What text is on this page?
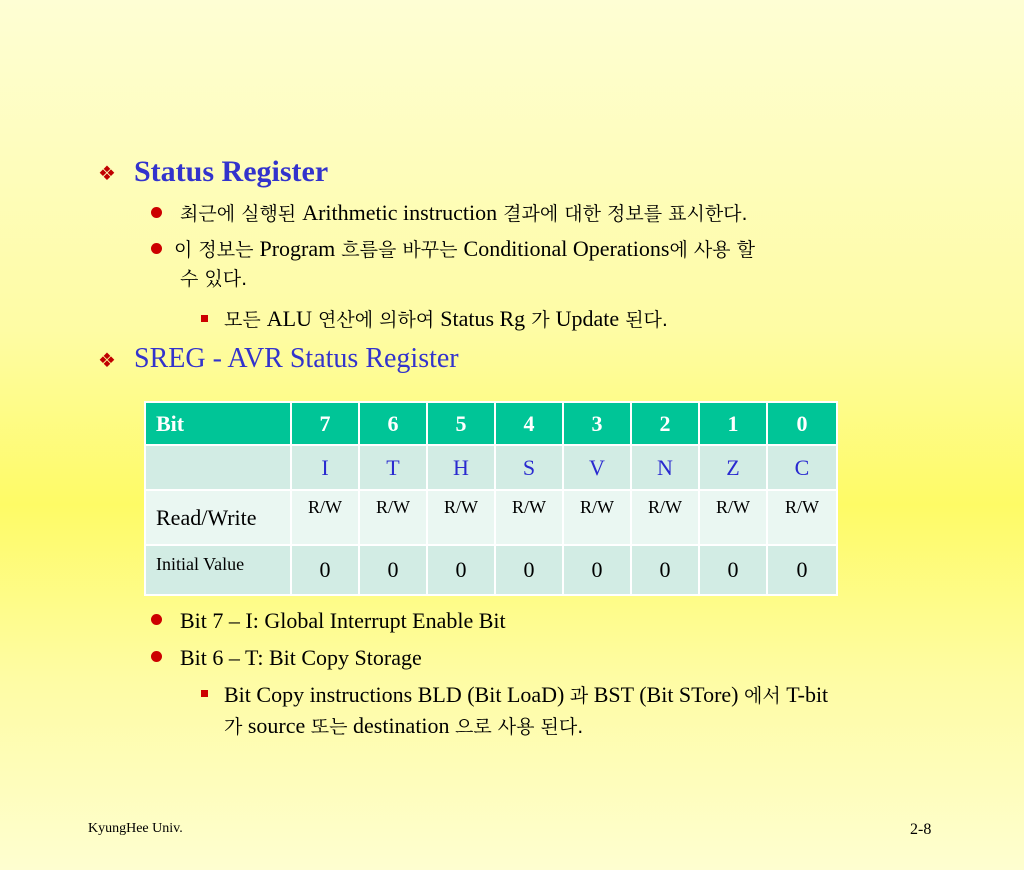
❖ Status Register
최근에 실행된 Arithmetic instruction 결과에 대한 정보를 표시한다.
이 정보는 Program 흐름을 바꾸는 Conditional Operations에 사용 할
수 있다.
모든 ALU 연산에 의하여 Status Rg 가 Update 된다.
❖ SREG - AVR Status Register
Bit	7	6	5	4	3	2	1	0
	I	T	H	S	V	N	Z	C
Read/Write	R/W	R/W	R/W	R/W	R/W	R/W	R/W	R/W
Initial Value	0	0	0	0	0	0	0	0
Bit 7 – I: Global Interrupt Enable Bit
Bit 6 – T: Bit Copy Storage
Bit Copy instructions BLD (Bit LoaD) 과 BST (Bit STore) 에서 T-bit
가 source 또는 destination 으로 사용 된다.
KyungHee Univ.	2-8
